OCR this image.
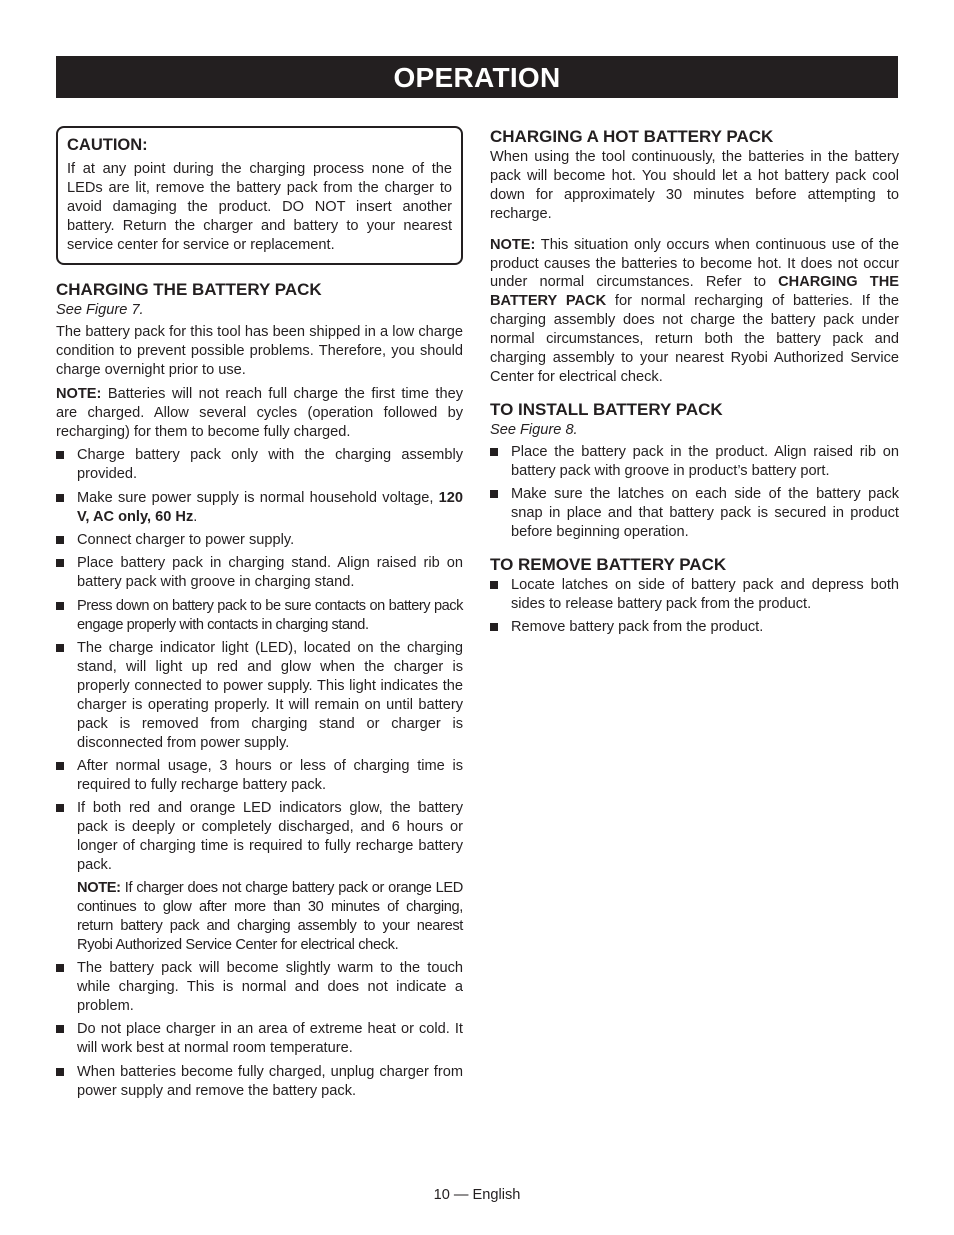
OPERATION
CAUTION:

If at any point during the charging process none of the LEDs are lit, remove the battery pack from the charger to avoid damaging the product. DO NOT insert another battery. Return the charger and battery to your nearest service center for service or replacement.

CHARGING THE BATTERY PACK
See Figure 7.

The battery pack for this tool has been shipped in a low charge condition to prevent possible problems. Therefore, you should charge overnight prior to use.

NOTE: Batteries will not reach full charge the first time they are charged. Allow several cycles (operation followed by recharging) for them to become fully charged.

Charge battery pack only with the charging assembly provided.
Make sure power supply is normal household voltage, 120 V, AC only, 60 Hz.
Connect charger to power supply.
Place battery pack in charging stand. Align raised rib on battery pack with groove in charging stand.
Press down on battery pack to be sure contacts on battery pack engage properly with contacts in charging stand.
The charge indicator light (LED), located on the charging stand, will light up red and glow when the charger is properly connected to power supply. This light indicates the charger is operating properly. It will remain on until battery pack is removed from charging stand or charger is disconnected from power supply.
After normal usage, 3 hours or less of charging time is required to fully recharge battery pack.
If both red and orange LED indicators glow, the battery pack is deeply or completely discharged, and 6 hours or longer of charging time is required to fully recharge battery pack.

NOTE: If charger does not charge battery pack or orange LED continues to glow after more than 30 minutes of charging, return battery pack and charging assembly to your nearest Ryobi Authorized Service Center for electrical check.

The battery pack will become slightly warm to the touch while charging. This is normal and does not indicate a problem.
Do not place charger in an area of extreme heat or cold. It will work best at normal room temperature.
When batteries become fully charged, unplug charger from power supply and remove the battery pack.
CHARGING A HOT BATTERY PACK

When using the tool continuously, the batteries in the battery pack will become hot. You should let a hot battery pack cool down for approximately 30 minutes before attempting to recharge.

NOTE: This situation only occurs when continuous use of the product causes the batteries to become hot. It does not occur under normal circumstances. Refer to CHARGING THE BATTERY PACK for normal recharging of batteries. If the charging assembly does not charge the battery pack under normal circumstances, return both the battery pack and charging assembly to your nearest Ryobi Authorized Service Center for electrical check.

TO INSTALL BATTERY PACK
See Figure 8.
Place the battery pack in the product. Align raised rib on battery pack with groove in product’s battery port.
Make sure the latches on each side of the battery pack snap in place and that battery pack is secured in product before beginning operation.
TO REMOVE BATTERY PACK
Locate latches on side of battery pack and depress both sides to release battery pack from the product.
Remove battery pack from the product.
10 — English
